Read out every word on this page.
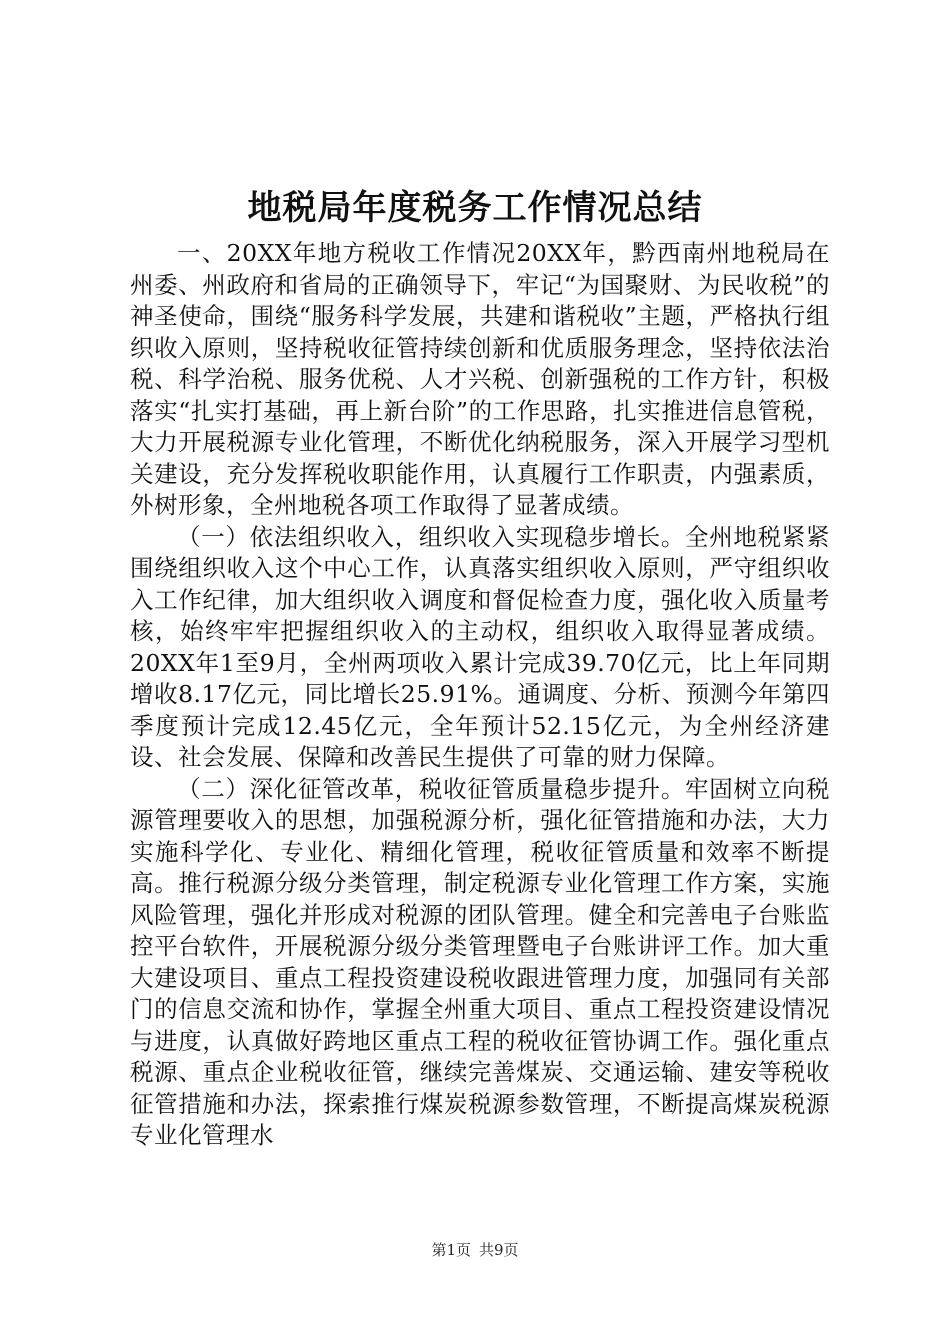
地税局年度税务工作情况总结

一、20XX年地方税收工作情况20XX年，黔西南州地税局在州委、州政府和省局的正确领导下，牢记“为国聚财、为民收税”的神圣使命，围绕“服务科学发展，共建和谐税收”主题，严格执行组织收入原则，坚持税收征管持续创新和优质服务理念，坚持依法治税、科学治税、服务优税、人才兴税、创新强税的工作方针，积极落实“扎实打基础，再上新台阶”的工作思路，扎实推进信息管税，大力开展税源专业化管理，不断优化纳税服务，深入开展学习型机关建设，充分发挥税收职能作用，认真履行工作职责，内强素质，外树形象，全州地税各项工作取得了显著成绩。

（一）依法组织收入，组织收入实现稳步增长。全州地税紧紧围绕组织收入这个中心工作，认真落实组织收入原则，严守组织收入工作纪律，加大组织收入调度和督促检查力度，强化收入质量考核，始终牢牢把握组织收入的主动权，组织收入取得显著成绩。20XX年1至9月，全州两项收入累计完成39.70亿元，比上年同期增收8.17亿元，同比增长25.91%。通调度、分析、预测今年第四季度预计完成12.45亿元，全年预计52.15亿元，为全州经济建设、社会发展、保障和改善民生提供了可靠的财力保障。

（二）深化征管改革，税收征管质量稳步提升。牢固树立向税源管理要收入的思想，加强税源分析，强化征管措施和办法，大力实施科学化、专业化、精细化管理，税收征管质量和效率不断提高。推行税源分级分类管理，制定税源专业化管理工作方案，实施风险管理，强化并形成对税源的团队管理。健全和完善电子台账监控平台软件，开展税源分级分类管理暨电子台账讲评工作。加大重大建设项目、重点工程投资建设税收跟进管理力度，加强同有关部门的信息交流和协作，掌握全州重大项目、重点工程投资建设情况与进度，认真做好跨地区重点工程的税收征管协调工作。强化重点税源、重点企业税收征管，继续完善煤炭、交通运输、建安等税收征管措施和办法，探索推行煤炭税源参数管理，不断提高煤炭税源专业化管理水

第1页 共9页
